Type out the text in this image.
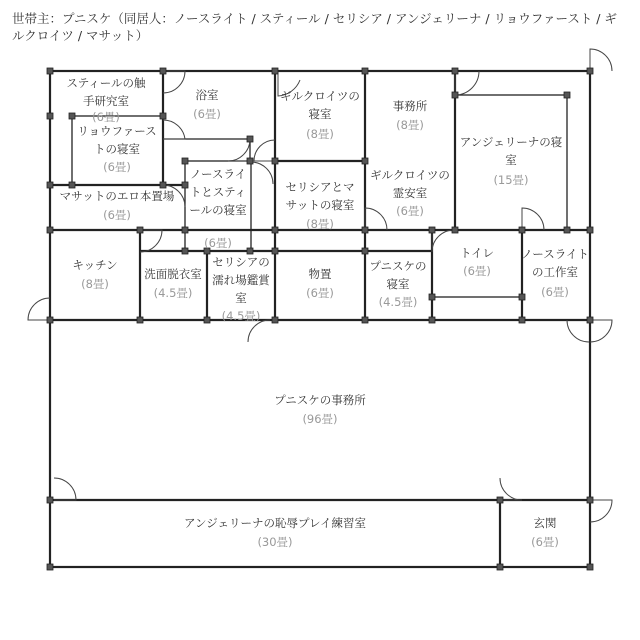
世帯主：プニスケ（同居人：ノースライト / スティール / セリシア / アンジェリーナ / リョウファースト / ギルクロイツ / マサット）
スティールの触手研究室
(6畳)
浴室
(6畳)
ギルクロイツの寝室
(8畳)
事務所
(8畳)
アンジェリーナの寝室
(15畳)
リョウファーストの寝室
(6畳)	ノースライトとスティールの寝室
(6畳)
セリシアとマサットの寝室
(8畳)
ギルクロイツの霊安室
(6畳)
マサットのエロ本置場
(6畳)
キッチン
(8畳)
洗面脱衣室
(4.5畳)
セリシアの濡れ場鑑賞室
(4.5畳)
物置
(6畳)
プニスケの寝室
(4.5畳)
トイレ
(6畳)
ノースライトの工作室
(6畳)
プニスケの事務所
(96畳)
アンジェリーナの恥辱プレイ練習室
(30畳)
玄関
(6畳)
